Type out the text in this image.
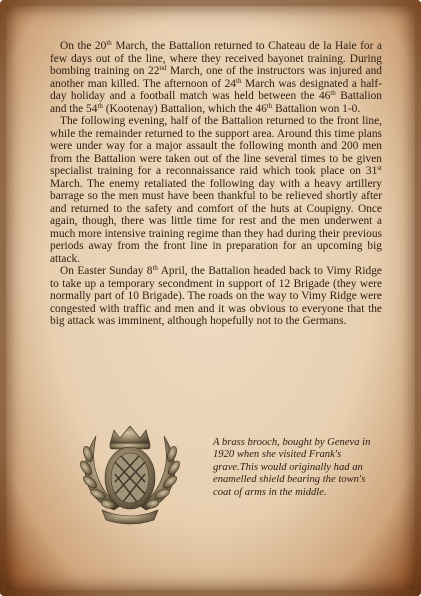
On the 20th March, the Battalion returned to Chateau de la Haie for a few days out of the line, where they received bayonet training. During bombing training on 22nd March, one of the instructors was injured and another man killed. The afternoon of 24th March was designated a half-day holiday and a football match was held between the 46th Battalion and the 54th (Kootenay) Battalion, which the 46th Battalion won 1-0.

The following evening, half of the Battalion returned to the front line, while the remainder returned to the support area. Around this time plans were under way for a major assault the following month and 200 men from the Battalion were taken out of the line several times to be given specialist training for a reconnaissance raid which took place on 31st March. The enemy retaliated the following day with a heavy artillery barrage so the men must have been thankful to be relieved shortly after and returned to the safety and comfort of the huts at Coupigny. Once again, though, there was little time for rest and the men underwent a much more intensive training regime than they had during their previous periods away from the front line in preparation for an upcoming big attack.

On Easter Sunday 8th April, the Battalion headed back to Vimy Ridge to take up a temporary secondment in support of 12 Brigade (they were normally part of 10 Brigade). The roads on the way to Vimy Ridge were congested with traffic and men and it was obvious to everyone that the big attack was imminent, although hopefully not to the Germans.

A brass brooch, bought by Geneva in 1920 when she visited Frank's grave.This would originally had an enamelled shield bearing the town's coat of arms in the middle.
